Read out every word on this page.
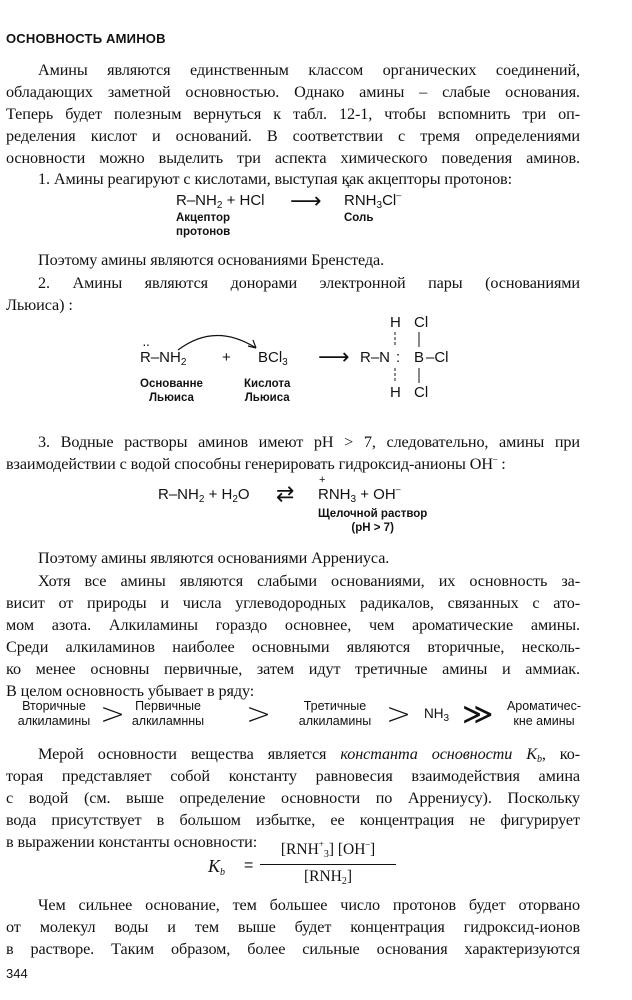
ОСНОВНОСТЬ АМИНОВ
Амины являются единственным классом органических соединений,
обладающих заметной основностью. Однако амины – слабые основания.
Теперь будет полезным вернуться к табл. 12-1, чтобы вспомнить три оп-
ределения кислот и оснований. В соответствии с тремя определениями
основности можно выделить три аспекта химического поведения аминов.
1. Амины реагируют с кислотами, выступая как акцепторы протонов:
$R-NH_2$ + HCl ⟶ + $RNH_3Cl^-$
Акцептор
протонов
Соль
Поэтому амины являются основаниями Бренстеда.
2. Амины являются донорами электронной пары (основаниями
Льюиса) :
·· $R-NH_2 + BCl_3$ ⟶ R–N : B –Cl
H Cl
H Cl
Основанне
Льюиса
Кислота
Льюиса
3. Водные растворы аминов имеют pH > 7, следовательно, амины при
взаимодействии с водой способны генерировать гидроксид-анионы OH– :
$R-NH_2 + H_2O$ ⇄ + $RNH_3 + OH^-$
Щелочной раствор
(pH > 7)
Поэтому амины являются основаниями Аррениуса.
Хотя все амины являются слабыми основаниями, их основность за-
висит от природы и числа углеводородных радикалов, связанных с ато-
мом азота. Алкиламины гораздо основнее, чем ароматические амины.
Среди алкиламинов наиболее основными являются вторичные, несколь-
ко менее основны первичные, затем идут третичные амины и аммиак.
В целом основность убывает в ряду:
Вторичные
алкиламины > Первичные
алкиламнны >	Третичные
алкиламины > $NH_3$ ≫	Ароматичес-
кне амины
Мерой основности вещества является константа основности $K_b$, ко-
торая представляет собой константу равновесия взаимодействия амина
с водой (см. выше определение основности по Аррениусу). Поскольку
вода присутствует в большом избытке, ее концентрация не фигурирует
в выражении константы основности:
$K_b$ =
$[RNH^+_3]$ [OH–]
$[RNH_2]$
Чем сильнее основание, тем большее число протонов будет оторвано
от молекул воды и тем выше будет концентрация гидроксид-ионов
в растворе. Таким образом, более сильные основания характеризуются
344
